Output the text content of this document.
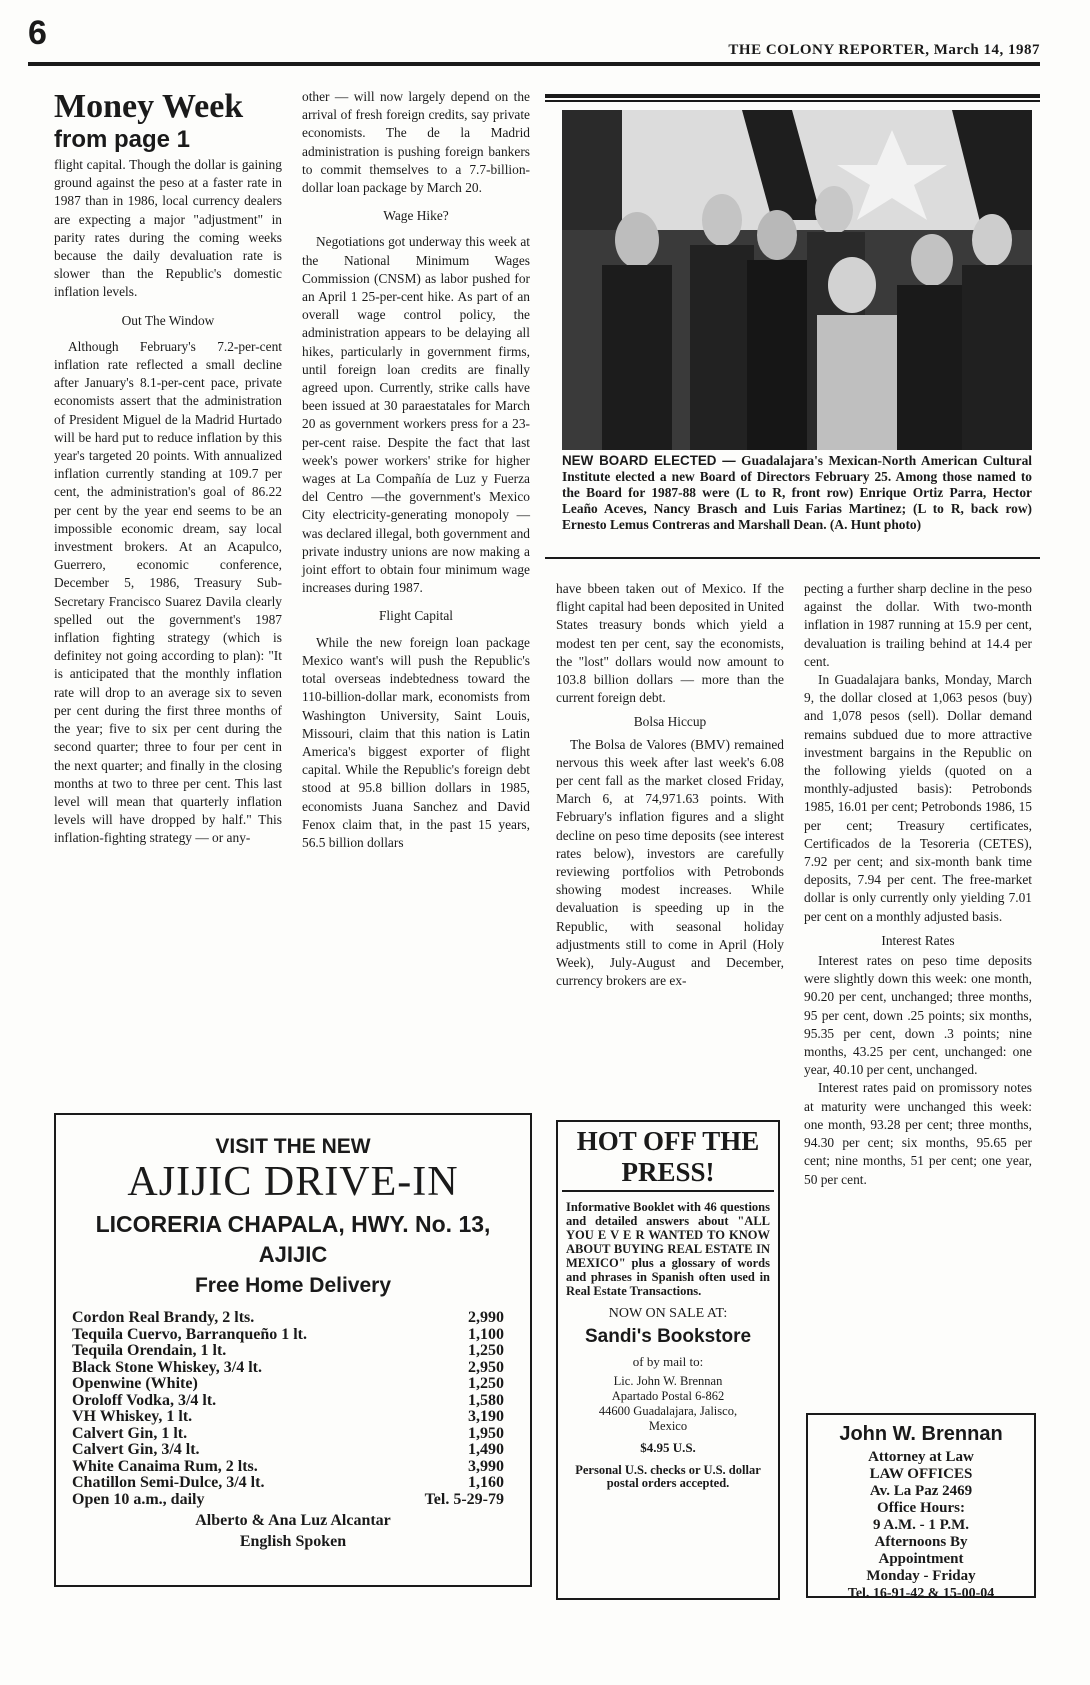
6	THE COLONY REPORTER, March 14, 1987
Money Week
from page 1

flight capital. Though the dollar is gaining ground against the peso at a faster rate in 1987 than in 1986, local currency dealers are expecting a major "adjustment" in parity rates during the coming weeks because the daily devaluation rate is slower than the Republic's domestic inflation levels.

Out The Window

Although February's 7.2-per-cent inflation rate reflected a small decline after January's 8.1-per-cent pace, private economists assert that the administration of President Miguel de la Madrid Hurtado will be hard put to reduce inflation by this year's targeted 20 points. With annualized inflation currently standing at 109.7 per cent, the administration's goal of 86.22 per cent by the year end seems to be an impossible economic dream, say local investment brokers. At an Acapulco, Guerrero, economic conference, December 5, 1986, Treasury Sub-Secretary Francisco Suarez Davila clearly spelled out the government's 1987 inflation fighting strategy (which is definitey not going according to plan): "It is anticipated that the monthly inflation rate will drop to an average six to seven per cent during the first three months of the year; five to six per cent during the second quarter; three to four per cent in the next quarter; and finally in the closing months at two to three per cent. This last level will mean that quarterly inflation levels will have dropped by half." This inflation-fighting strategy — or any-

other — will now largely depend on the arrival of fresh foreign credits, say private economists. The de la Madrid administration is pushing foreign bankers to commit themselves to a 7.7-billion-dollar loan package by March 20.

Wage Hike?

Negotiations got underway this week at the National Minimum Wages Commission (CNSM) as labor pushed for an April 1 25-per-cent hike. As part of an overall wage control policy, the administration appears to be delaying all hikes, particularly in government firms, until foreign loan credits are finally agreed upon. Currently, strike calls have been issued at 30 paraestatales for March 20 as government workers press for a 23-per-cent raise. Despite the fact that last week's power workers' strike for higher wages at La Compañía de Luz y Fuerza del Centro —the government's Mexico City electricity-generating monopoly — was declared illegal, both government and private industry unions are now making a joint effort to obtain four minimum wage increases during 1987.

Flight Capital

While the new foreign loan package Mexico want's will push the Republic's total overseas indebtedness toward the 110-billion-dollar mark, economists from Washington University, Saint Louis, Missouri, claim that this nation is Latin America's biggest exporter of flight capital. While the Republic's foreign debt stood at 95.8 billion dollars in 1985, economists Juana Sanchez and David Fenox claim that, in the past 15 years, 56.5 billion dollars

NEW BOARD ELECTED — Guadalajara's Mexican-North American Cultural Institute elected a new Board of Directors February 25. Among those named to the Board for 1987-88 were (L to R, front row) Enrique Ortiz Parra, Hector Leaño Aceves, Nancy Brasch and Luis Farias Martinez; (L to R, back row) Ernesto Lemus Contreras and Marshall Dean. (A. Hunt photo)

have bbeen taken out of Mexico. If the flight capital had been deposited in United States treasury bonds which yield a modest ten per cent, say the economists, the "lost" dollars would now amount to 103.8 billion dollars — more than the current foreign debt.

Bolsa Hiccup

The Bolsa de Valores (BMV) remained nervous this week after last week's 6.08 per cent fall as the market closed Friday, March 6, at 74,971.63 points. With February's inflation figures and a slight decline on peso time deposits (see interest rates below), investors are carefully reviewing portfolios with Petrobonds showing modest increases. While devaluation is speeding up in the Republic, with seasonal holiday adjustments still to come in April (Holy Week), July-August and December, currency brokers are ex-

pecting a further sharp decline in the peso against the dollar. With two-month inflation in 1987 running at 15.9 per cent, devaluation is trailing behind at 14.4 per cent.

In Guadalajara banks, Monday, March 9, the dollar closed at 1,063 pesos (buy) and 1,078 pesos (sell). Dollar demand remains subdued due to more attractive investment bargains in the Republic on the following yields (quoted on a monthly-adjusted basis): Petrobonds 1985, 16.01 per cent; Petrobonds 1986, 15 per cent; Treasury certificates, Certificados de la Tesoreria (CETES), 7.92 per cent; and six-month bank time deposits, 7.94 per cent. The free-market dollar is only currently only yielding 7.01 per cent on a monthly adjusted basis.

Interest Rates

Interest rates on peso time deposits were slightly down this week: one month, 90.20 per cent, unchanged; three months, 95 per cent, down .25 points; six months, 95.35 per cent, down .3 points; nine months, 43.25 per cent, unchanged: one year, 40.10 per cent, unchanged.

Interest rates paid on promissory notes at maturity were unchanged this week: one month, 93.28 per cent; three months, 94.30 per cent; six months, 95.65 per cent; nine months, 51 per cent; one year, 50 per cent.

VISIT THE NEW
AJIJIC DRIVE-IN
LICORERIA CHAPALA, HWY. No. 13,
AJIJIC
Free Home Delivery
Cordon Real Brandy, 2 lts.	2,990
Tequila Cuervo, Barranqueño 1 lt.	1,100
Tequila Orendain, 1 lt.	1,250
Black Stone Whiskey, 3/4 lt.	2,950
Openwine (White)	1,250
Oroloff Vodka, 3/4 lt.	1,580
VH Whiskey, 1 lt.	3,190
Calvert Gin, 1 lt.	1,950
Calvert Gin, 3/4 lt.	1,490
White Canaima Rum, 2 lts.	3,990
Chatillon Semi-Dulce, 3/4 lt.	1,160
Open 10 a.m., daily	Tel. 5-29-79
Alberto & Ana Luz Alcantar
English Spoken
HOT OFF THE
PRESS!
Informative Booklet with 46 questions and detailed answers about "ALL YOU E V E R WANTED TO KNOW ABOUT BUYING REAL ESTATE IN MEXICO" plus a glossary of words and phrases in Spanish often used in Real Estate Transactions.
NOW ON SALE AT:
Sandi's Bookstore
of by mail to:
Lic. John W. Brennan
Apartado Postal 6-862
44600 Guadalajara, Jalisco,
Mexico
$4.95 U.S.
Personal U.S. checks or U.S. dollar postal orders accepted.
John W. Brennan
Attorney at Law
LAW OFFICES
Av. La Paz 2469
Office Hours:
9 A.M. - 1 P.M.
Afternoons By
Appointment
Monday - Friday
Tel. 16-91-42 & 15-00-04
